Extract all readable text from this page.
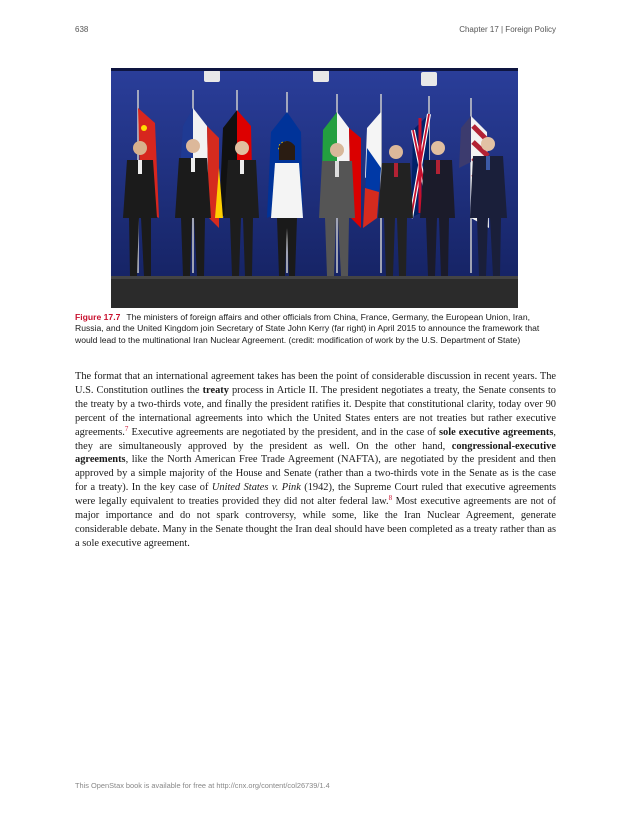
638	Chapter 17 | Foreign Policy
Figure 17.7 The ministers of foreign affairs and other officials from China, France, Germany, the European Union, Iran, Russia, and the United Kingdom join Secretary of State John Kerry (far right) in April 2015 to announce the framework that would lead to the multinational Iran Nuclear Agreement. (credit: modification of work by the U.S. Department of State)
The format that an international agreement takes has been the point of considerable discussion in recent years. The U.S. Constitution outlines the treaty process in Article II. The president negotiates a treaty, the Senate consents to the treaty by a two-thirds vote, and finally the president ratifies it. Despite that constitutional clarity, today over 90 percent of the international agreements into which the United States enters are not treaties but rather executive agreements.$^7$ Executive agreements are negotiated by the president, and in the case of sole executive agreements, they are simultaneously approved by the president as well. On the other hand, congressional-executive agreements, like the North American Free Trade Agreement (NAFTA), are negotiated by the president and then approved by a simple majority of the House and Senate (rather than a two-thirds vote in the Senate as is the case for a treaty). In the key case of United States v. Pink (1942), the Supreme Court ruled that executive agreements were legally equivalent to treaties provided they did not alter federal law.$^8$ Most executive agreements are not of major importance and do not spark controversy, while some, like the Iran Nuclear Agreement, generate considerable debate. Many in the Senate thought the Iran deal should have been completed as a treaty rather than as a sole executive agreement.
This OpenStax book is available for free at http://cnx.org/content/col26739/1.4
